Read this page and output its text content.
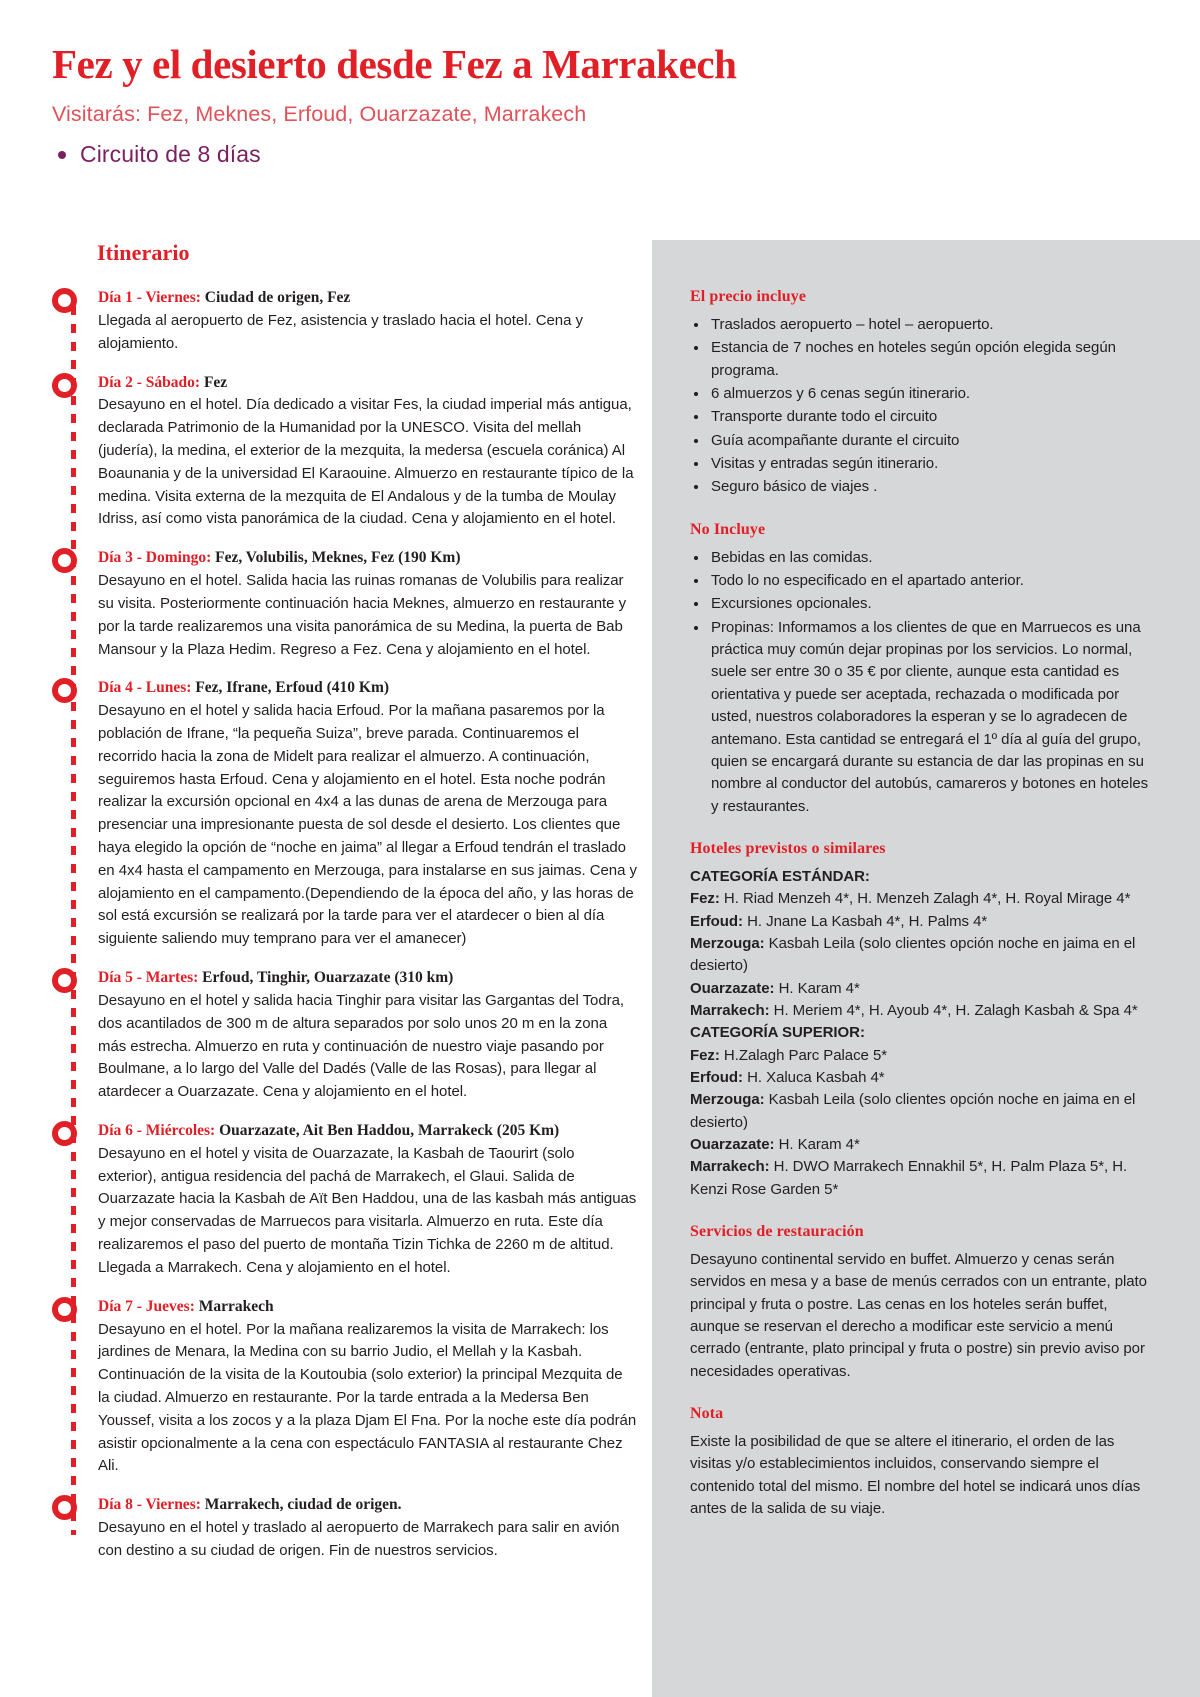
Fez y el desierto desde Fez a Marrakech
Visitarás: Fez, Meknes, Erfoud, Ouarzazate, Marrakech
Circuito de 8 días
Itinerario

Día 1 - Viernes: Ciudad de origen, Fez

Llegada al aeropuerto de Fez, asistencia y traslado hacia el hotel. Cena y alojamiento.

Día 2 - Sábado: Fez

Desayuno en el hotel. Día dedicado a visitar Fes, la ciudad imperial más antigua, declarada Patrimonio de la Humanidad por la UNESCO. Visita del mellah (judería), la medina, el exterior de la mezquita, la medersa (escuela coránica) Al Boaunania y de la universidad El Karaouine. Almuerzo en restaurante típico de la medina. Visita externa de la mezquita de El Andalous y de la tumba de Moulay Idriss, así como vista panorámica de la ciudad. Cena y alojamiento en el hotel.

Día 3 - Domingo: Fez, Volubilis, Meknes, Fez (190 Km)

Desayuno en el hotel. Salida hacia las ruinas romanas de Volubilis para realizar su visita. Posteriormente continuación hacia Meknes, almuerzo en restaurante y por la tarde realizaremos una visita panorámica de su Medina, la puerta de Bab Mansour y la Plaza Hedim. Regreso a Fez. Cena y alojamiento en el hotel.

Día 4 - Lunes: Fez, Ifrane, Erfoud (410 Km)

Desayuno en el hotel y salida hacia Erfoud. Por la mañana pasaremos por la población de Ifrane, “la pequeña Suiza”, breve parada. Continuaremos el recorrido hacia la zona de Midelt para realizar el almuerzo. A continuación, seguiremos hasta Erfoud. Cena y alojamiento en el hotel. Esta noche podrán realizar la excursión opcional en 4x4 a las dunas de arena de Merzouga para presenciar una impresionante puesta de sol desde el desierto. Los clientes que haya elegido la opción de “noche en jaima” al llegar a Erfoud tendrán el traslado en 4x4 hasta el campamento en Merzouga, para instalarse en sus jaimas. Cena y alojamiento en el campamento.(Dependiendo de la época del año, y las horas de sol está excursión se realizará por la tarde para ver el atardecer o bien al día siguiente saliendo muy temprano para ver el amanecer)

Día 5 - Martes: Erfoud, Tinghir, Ouarzazate (310 km)

Desayuno en el hotel y salida hacia Tinghir para visitar las Gargantas del Todra, dos acantilados de 300 m de altura separados por solo unos 20 m en la zona más estrecha. Almuerzo en ruta y continuación de nuestro viaje pasando por Boulmane, a lo largo del Valle del Dadés (Valle de las Rosas), para llegar al atardecer a Ouarzazate. Cena y alojamiento en el hotel.

Día 6 - Miércoles: Ouarzazate, Ait Ben Haddou, Marrakeck (205 Km)

Desayuno en el hotel y visita de Ouarzazate, la Kasbah de Taourirt (solo exterior), antigua residencia del pachá de Marrakech, el Glaui. Salida de Ouarzazate hacia la Kasbah de Aït Ben Haddou, una de las kasbah más antiguas y mejor conservadas de Marruecos para visitarla. Almuerzo en ruta. Este día realizaremos el paso del puerto de montaña Tizin Tichka de 2260 m de altitud. Llegada a Marrakech. Cena y alojamiento en el hotel.

Día 7 - Jueves: Marrakech

Desayuno en el hotel. Por la mañana realizaremos la visita de Marrakech: los jardines de Menara, la Medina con su barrio Judio, el Mellah y la Kasbah. Continuación de la visita de la Koutoubia (solo exterior) la principal Mezquita de la ciudad. Almuerzo en restaurante. Por la tarde entrada a la Medersa Ben Youssef, visita a los zocos y a la plaza Djam El Fna. Por la noche este día podrán asistir opcionalmente a la cena con espectáculo FANTASIA al restaurante Chez Ali.

Día 8 - Viernes: Marrakech, ciudad de origen.

Desayuno en el hotel y traslado al aeropuerto de Marrakech para salir en avión con destino a su ciudad de origen. Fin de nuestros servicios.

El precio incluye
Traslados aeropuerto – hotel – aeropuerto.
Estancia de 7 noches en hoteles según opción elegida según programa.
6 almuerzos y 6 cenas según itinerario.
Transporte durante todo el circuito
Guía acompañante durante el circuito
Visitas y entradas según itinerario.
Seguro básico de viajes .
No Incluye
Bebidas en las comidas.
Todo lo no especificado en el apartado anterior.
Excursiones opcionales.
Propinas: Informamos a los clientes de que en Marruecos es una práctica muy común dejar propinas por los servicios. Lo normal, suele ser entre 30 o 35 € por cliente, aunque esta cantidad es orientativa y puede ser aceptada, rechazada o modificada por usted, nuestros colaboradores la esperan y se lo agradecen de antemano. Esta cantidad se entregará el 1º día al guía del grupo, quien se encargará durante su estancia de dar las propinas en su nombre al conductor del autobús, camareros y botones en hoteles y restaurantes.
Hoteles previstos o similares

CATEGORÍA ESTÁNDAR:

Fez: H. Riad Menzeh 4*, H. Menzeh Zalagh 4*, H. Royal Mirage 4*

Erfoud: H. Jnane La Kasbah 4*, H. Palms 4*

Merzouga: Kasbah Leila (solo clientes opción noche en jaima en el desierto)

Ouarzazate: H. Karam 4*

Marrakech: H. Meriem 4*, H. Ayoub 4*, H. Zalagh Kasbah & Spa 4*

CATEGORÍA SUPERIOR:

Fez: H.Zalagh Parc Palace 5*

Erfoud: H. Xaluca Kasbah 4*

Merzouga: Kasbah Leila (solo clientes opción noche en jaima en el desierto)

Ouarzazate: H. Karam 4*

Marrakech: H. DWO Marrakech Ennakhil 5*, H. Palm Plaza 5*, H. Kenzi Rose Garden 5*

Servicios de restauración

Desayuno continental servido en buffet. Almuerzo y cenas serán servidos en mesa y a base de menús cerrados con un entrante, plato principal y fruta o postre. Las cenas en los hoteles serán buffet, aunque se reservan el derecho a modificar este servicio a menú cerrado (entrante, plato principal y fruta o postre) sin previo aviso por necesidades operativas.

Nota

Existe la posibilidad de que se altere el itinerario, el orden de las visitas y/o establecimientos incluidos, conservando siempre el contenido total del mismo. El nombre del hotel se indicará unos días antes de la salida de su viaje.
